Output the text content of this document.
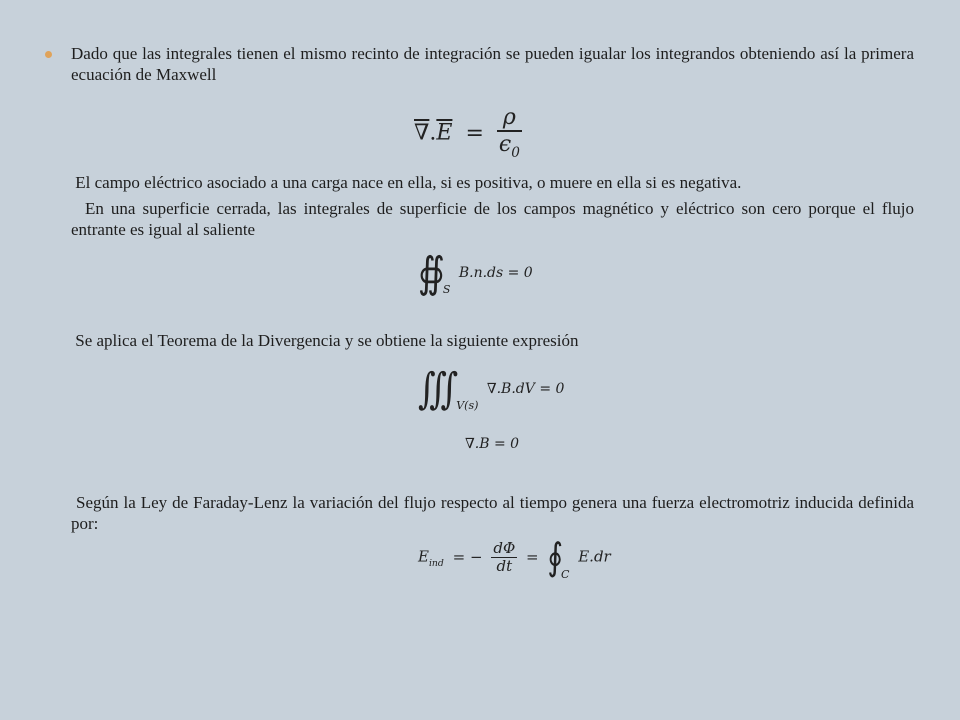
Dado que las integrales tienen el mismo recinto de integración se pueden igualar los integrandos obteniendo así la primera ecuación de Maxwell
$\nabla.\overline{E} = \frac{\rho}{\epsilon_0}$
El campo eléctrico asociado a una carga nace en ella, si es positiva, o muere en ella si es negativa.
En una superficie cerrada, las integrales de superficie de los campos magnético y eléctrico son cero porque el flujo entrante es igual al saliente
$∯_S$ B.n.ds = 0
Se aplica el Teorema de la Divergencia y se obtiene la siguiente expresión
$∭_{V(s)}$ ∇.B.dV = 0
∇.B = 0
Según la Ley de Faraday-Lenz la variación del flujo respecto al tiempo genera una fuerza electromotriz inducida definida por:
$E_{ind}$ = − $\frac{d\Phi}{dt}$ = $∮_C$ E.dr
